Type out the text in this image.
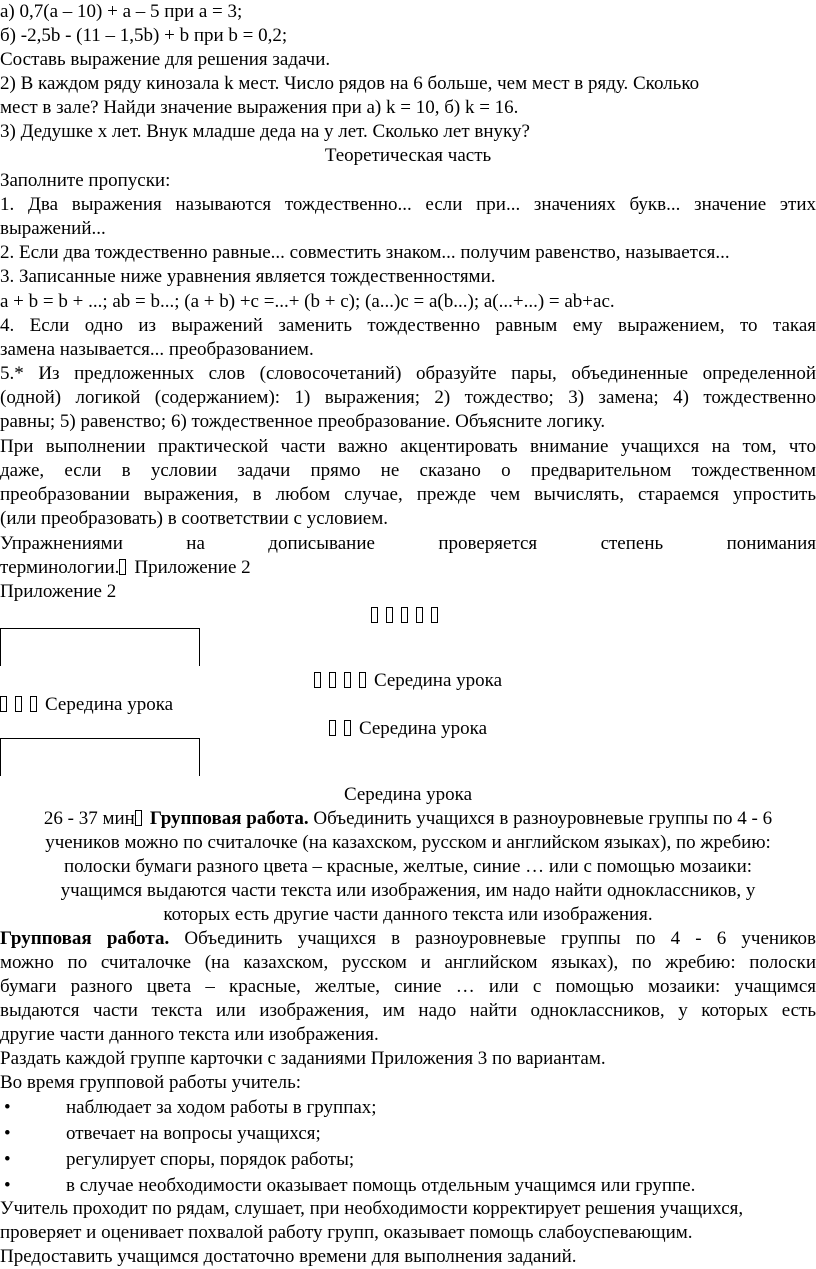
а) 0,7(а – 10) + а – 5 при а = 3;

б) -2,5b - (11 – 1,5b) + b при b = 0,2;

Составь выражение для решения задачи.

2) В каждом ряду кинозала k мест. Число рядов на 6 больше, чем мест в ряду. Сколько

мест в зале? Найди значение выражения при а) k = 10, б) k = 16.

3) Дедушке х лет. Внук младше деда на у лет. Сколько лет внуку?

Теоретическая часть

Заполните пропуски:

1. Два выражения называются тождественно... если при... значениях букв... значение этих

выражений...

2. Если два тождественно равные... совместить знаком... получим равенство, называется...

3. Записанные ниже уравнения является тождественностями.

a + b = b + ...; ab = b...; (a + b) +c =...+ (b + c); (a...)c = a(b...); a(...+...) = ab+ac.

4. Если одно из выражений заменить тождественно равным ему выражением, то такая

замена называется... преобразованием.

5.* Из предложенных слов (словосочетаний) образуйте пары, объединенные определенной

(одной) логикой (содержанием): 1) выражения; 2) тождество; 3) замена; 4) тождественно

равны; 5) равенство; 6) тождественное преобразование. Объясните логику.

При выполнении практической части важно акцентировать внимание учащихся на том, что

даже, если в условии задачи прямо не сказано о предварительном тождественном

преобразовании выражения, в любом случае, прежде чем вычислять, стараемся упростить

(или преобразовать) в соответствии с условием.

Упражнениями на дописывание проверяется степень понимания

терминологии. Приложение 2

Приложение 2

Середина урока

Середина урока

Середина урока

Середина урока

26 - 37 мин Групповая работа. Объединить учащихся в разноуровневые группы по 4 - 6

учеников можно по считалочке (на казахском, русском и английском языках), по жребию:

полоски бумаги разного цвета – красные, желтые, синие … или с помощью мозаики:

учащимся выдаются части текста или изображения, им надо найти одноклассников, у

которых есть другие части данного текста или изображения.

Групповая работа. Объединить учащихся в разноуровневые группы по 4 - 6 учеников

можно по считалочке (на казахском, русском и английском языках), по жребию: полоски

бумаги разного цвета – красные, желтые, синие … или с помощью мозаики: учащимся

выдаются части текста или изображения, им надо найти одноклассников, у которых есть

другие части данного текста или изображения.

Раздать каждой группе карточки с заданиями Приложения 3 по вариантам.

Во время групповой работы учитель:

•	наблюдает за ходом работы в группах;
•	отвечает на вопросы учащихся;
•	регулирует споры, порядок работы;
•	в случае необходимости оказывает помощь отдельным учащимся или группе.

Учитель проходит по рядам, слушает, при необходимости корректирует решения учащихся,

проверяет и оценивает похвалой работу групп, оказывает помощь слабоуспевающим.

Предоставить учащимся достаточно времени для выполнения заданий.
